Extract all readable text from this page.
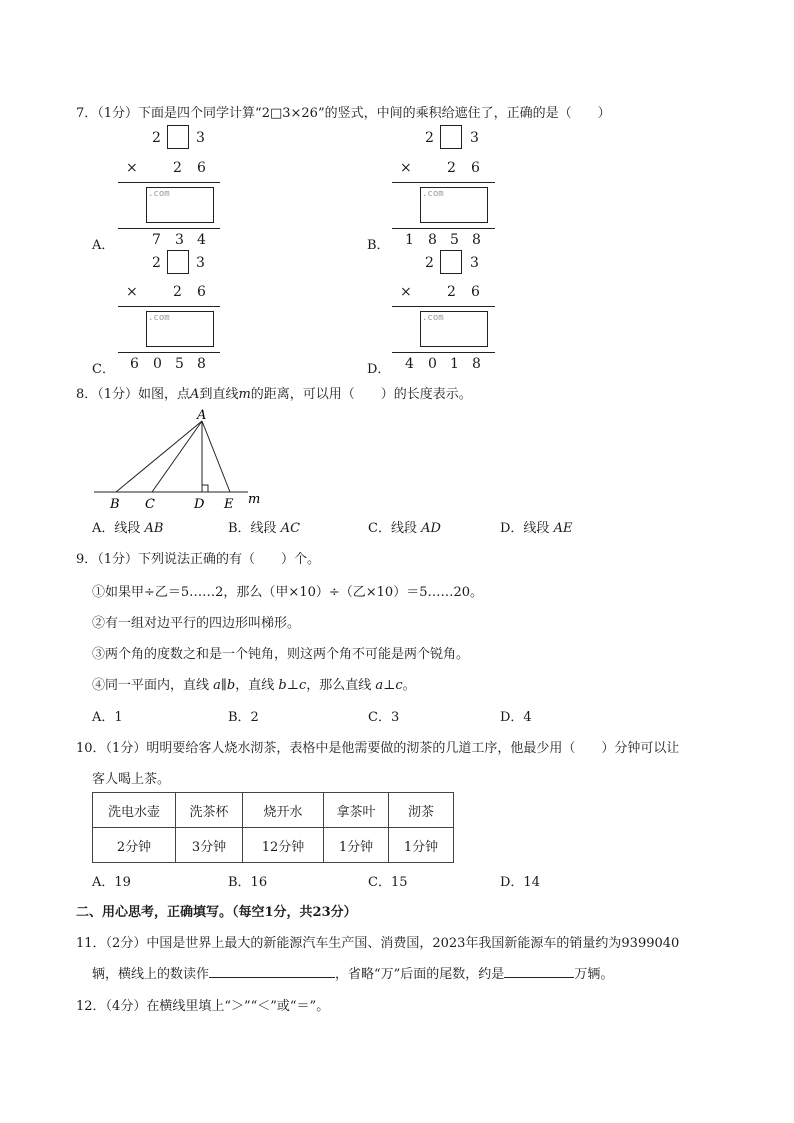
7．（1分）下面是四个同学计算“2□3×26”的竖式，中间的乘积给遮住了，正确的是（　　）
2	3
×	2 6
‌.com
A．	7 3 4
2	3
×	2 6
‌.com
B． 1 8 5 8
2	3
×	2 6
‌.com
C． 6 0 5 8
2	3
×	2 6
‌.com
D． 4 0 1 8
8．（1分）如图，点A到直线m的距离，可以用（　　）的长度表示。
A
B C	D E m
A．线段 AB	B．线段 AC	C．线段 AD	D．线段 AE
9．（1分）下列说法正确的有（　　）个。
①如果甲÷乙＝5……2，那么（甲×10）÷（乙×10）＝5……20。
②有一组对边平行的四边形叫梯形。
③两个角的度数之和是一个钝角，则这两个角不可能是两个锐角。
④同一平面内，直线 a∥b，直线 b⊥c，那么直线 a⊥c。
A．1	B．2	C．3	D．4
10．（1分）明明要给客人烧水沏茶，表格中是他需要做的沏茶的几道工序，他最少用（　　）分钟可以让
客人喝上茶。
洗电水壶	洗茶杯	烧开水	拿茶叶	沏茶
2分钟	3分钟	12分钟	1分钟	1分钟
A．19	B．16	C．15	D．14
二、用心思考，正确填写。（每空1分，共23分）
11．（2分）中国是世界上最大的新能源汽车生产国、消费国，2023年我国新能源车的销量约为9399040
辆，横线上的数读作	，省略“万”后面的尾数，约是	万辆。
12．（4分）在横线里填上“＞”“＜”或“＝”。
